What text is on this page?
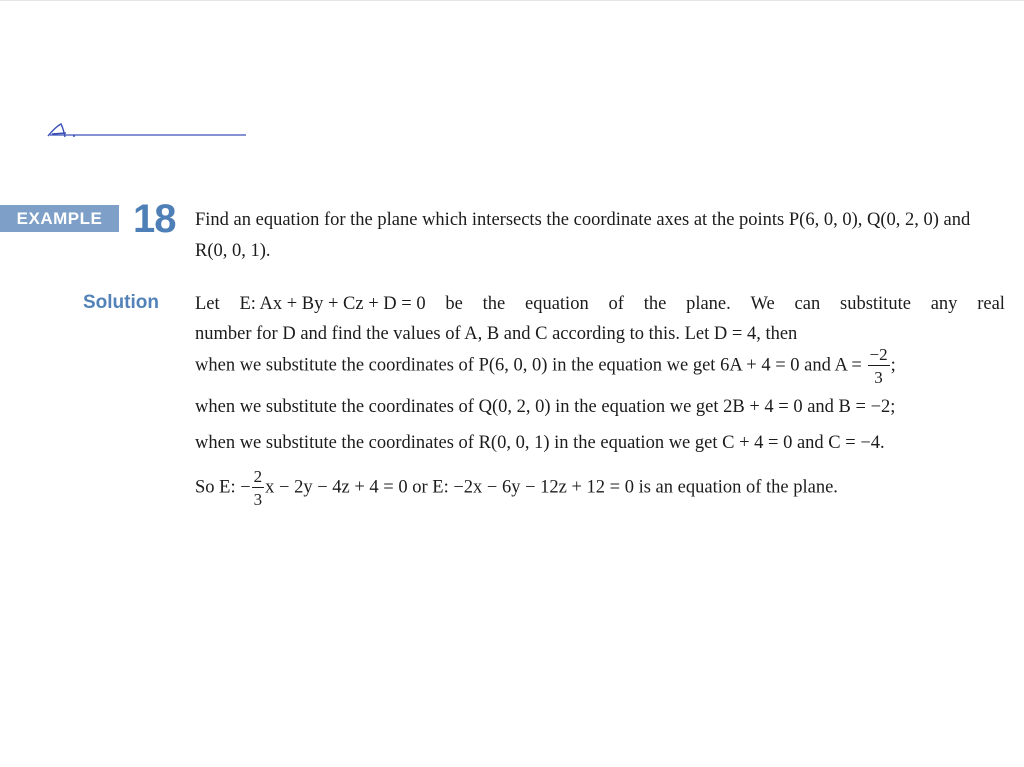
A.
EXAMPLE 18 Find an equation for the plane which intersects the coordinate axes at the points P(6, 0, 0), Q(0, 2, 0) and R(0, 0, 1).
Solution Let E: Ax + By + Cz + D = 0 be the equation of the plane. We can substitute any real
number for D and find the values of A, B and C according to this. Let D = 4, then
when we substitute the coordinates of P(6, 0, 0) in the equation we get 6A + 4 = 0 and $A = \frac{-2}{3}$ ;
when we substitute the coordinates of Q(0, 2, 0) in the equation we get 2B + 4 = 0 and B = −2;
when we substitute the coordinates of R(0, 0, 1) in the equation we get C + 4 = 0 and C = −4.
So E: − $\frac{2}{3}$ x − 2y − 4z + 4 = 0 or E: −2x − 6y − 12z + 12 = 0 is an equation of the plane.
